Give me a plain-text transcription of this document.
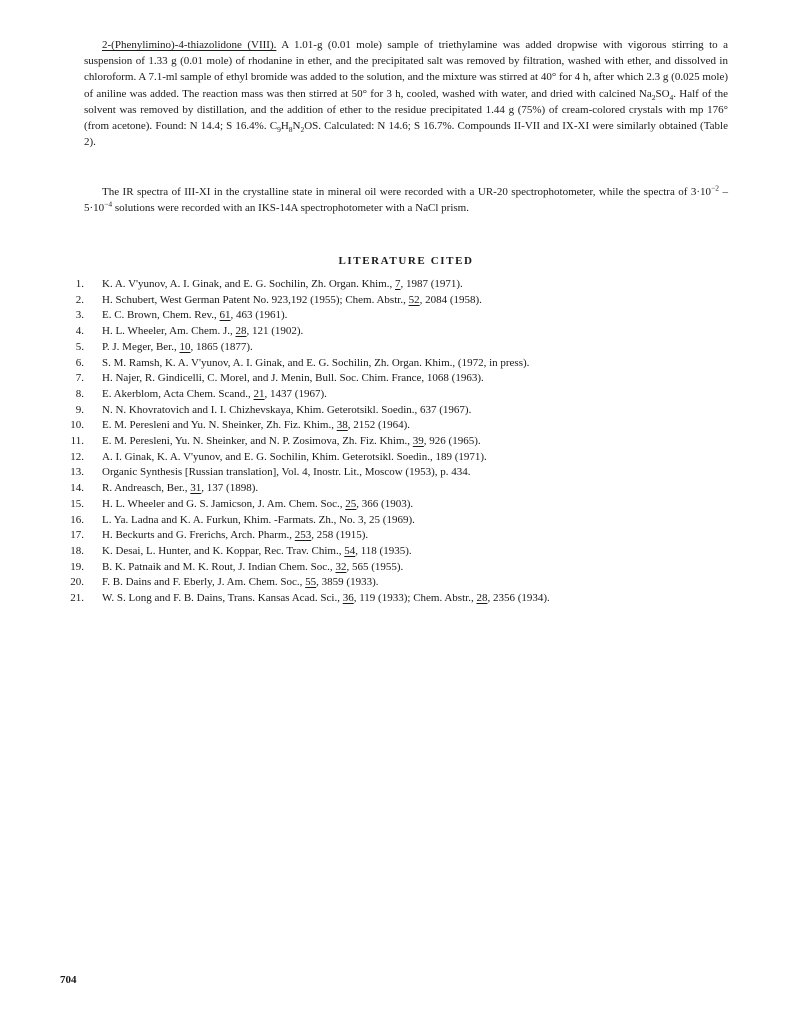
2-(Phenylimino)-4-thiazolidone (VIII). A 1.01-g (0.01 mole) sample of triethylamine was added dropwise with vigorous stirring to a suspension of 1.33 g (0.01 mole) of rhodanine in ether, and the precipitated salt was removed by filtration, washed with ether, and dissolved in chloroform. A 7.1-ml sample of ethyl bromide was added to the solution, and the mixture was stirred at 40° for 4 h, after which 2.3 g (0.025 mole) of aniline was added. The reaction mass was then stirred at 50° for 3 h, cooled, washed with water, and dried with calcined $Na_2SO_4$. Half of the solvent was removed by distillation, and the addition of ether to the residue precipitated 1.44 g (75%) of cream-colored crystals with mp 176° (from acetone). Found: N 14.4; S 16.4%. $C_9H_8N_2OS$. Calculated: N 14.6; S 16.7%. Compounds II-VII and IX-XI were similarly obtained (Table 2).

The IR spectra of III-XI in the crystalline state in mineral oil were recorded with a UR-20 spectrophotometer, while the spectra of $3\cdot 10^{-2}$ $-5\cdot 10^{-4}$ solutions were recorded with an IKS-14A spectrophotometer with a NaCl prism.

LITERATURE CITED
1.	K. A. V'yunov, A. I. Ginak, and E. G. Sochilin, Zh. Organ. Khim., 7, 1987 (1971).
2.	H. Schubert, West German Patent No. 923,192 (1955); Chem. Abstr., 52, 2084 (1958).
3.	E. C. Brown, Chem. Rev., 61, 463 (1961).
4.	H. L. Wheeler, Am. Chem. J., 28, 121 (1902).
5.	P. J. Meger, Ber., 10, 1865 (1877).
6.	S. M. Ramsh, K. A. V'yunov, A. I. Ginak, and E. G. Sochilin, Zh. Organ. Khim., (1972, in press).
7.	H. Najer, R. Gindicelli, C. Morel, and J. Menin, Bull. Soc. Chim. France, 1068 (1963).
8.	E. Akerblom, Acta Chem. Scand., 21, 1437 (1967).
9.	N. N. Khovratovich and I. I. Chizhevskaya, Khim. Geterotsikl. Soedin., 637 (1967).
10.	E. M. Peresleni and Yu. N. Sheinker, Zh. Fiz. Khim., 38, 2152 (1964).
11.	E. M. Peresleni, Yu. N. Sheinker, and N. P. Zosimova, Zh. Fiz. Khim., 39, 926 (1965).
12.	A. I. Ginak, K. A. V'yunov, and E. G. Sochilin, Khim. Geterotsikl. Soedin., 189 (1971).
13.	Organic Synthesis [Russian translation], Vol. 4, Inostr. Lit., Moscow (1953), p. 434.
14.	R. Andreasch, Ber., 31, 137 (1898).
15.	H. L. Wheeler and G. S. Jamicson, J. Am. Chem. Soc., 25, 366 (1903).
16.	L. Ya. Ladna and K. A. Furkun, Khim. -Farmats. Zh., No. 3, 25 (1969).
17.	H. Beckurts and G. Frerichs, Arch. Pharm., 253, 258 (1915).
18.	K. Desai, L. Hunter, and K. Koppar, Rec. Trav. Chim., 54, 118 (1935).
19.	B. K. Patnaik and M. K. Rout, J. Indian Chem. Soc., 32, 565 (1955).
20.	F. B. Dains and F. Eberly, J. Am. Chem. Soc., 55, 3859 (1933).
21.	W. S. Long and F. B. Dains, Trans. Kansas Acad. Sci., 36, 119 (1933); Chem. Abstr., 28, 2356 (1934).
704
